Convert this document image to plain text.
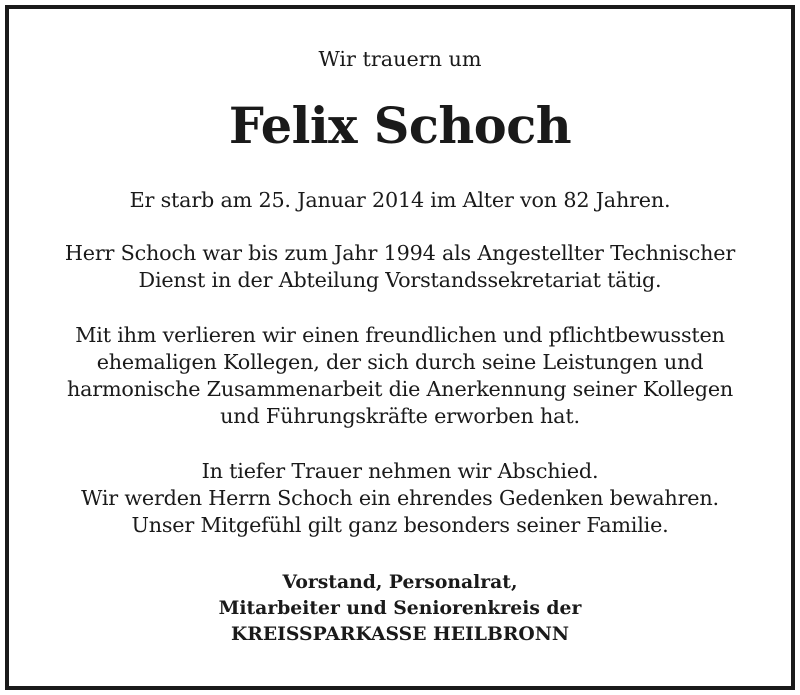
Wir trauern um
Felix Schoch
Er starb am 25. Januar 2014 im Alter von 82 Jahren.
Herr Schoch war bis zum Jahr 1994 als Angestellter Technischer
Dienst in der Abteilung Vorstandssekretariat tätig.
Mit ihm verlieren wir einen freundlichen und pflichtbewussten
ehemaligen Kollegen, der sich durch seine Leistungen und
harmonische Zusammenarbeit die Anerkennung seiner Kollegen
und Führungskräfte erworben hat.
In tiefer Trauer nehmen wir Abschied.
Wir werden Herrn Schoch ein ehrendes Gedenken bewahren.
Unser Mitgefühl gilt ganz besonders seiner Familie.
Vorstand, Personalrat,
Mitarbeiter und Seniorenkreis der
KREISSPARKASSE HEILBRONN
